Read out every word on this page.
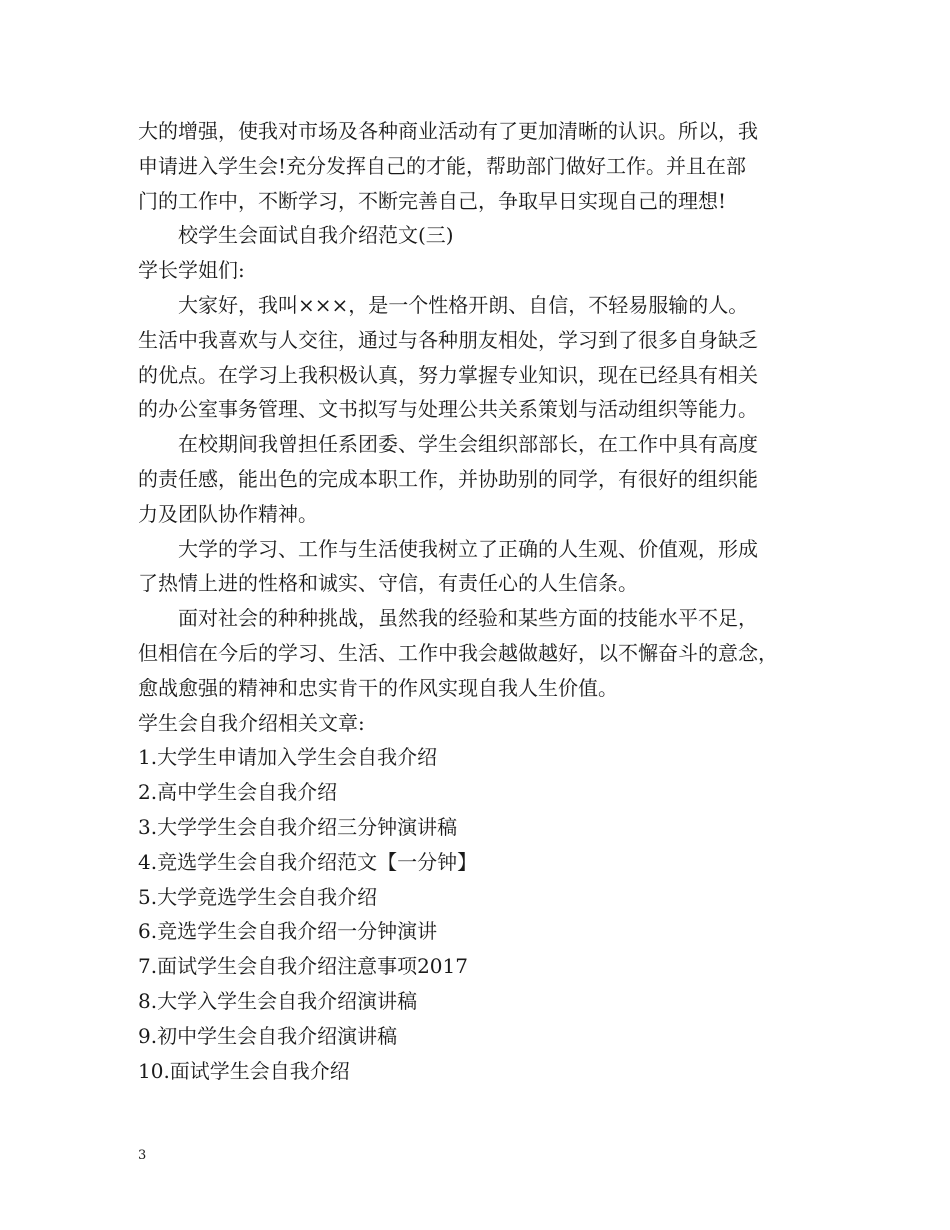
大的增强，使我对市场及各种商业活动有了更加清晰的认识。所以，我
申请进入学生会!充分发挥自己的才能，帮助部门做好工作。并且在部
门的工作中，不断学习，不断完善自己，争取早日实现自己的理想!
校学生会面试自我介绍范文(三)
学长学姐们:
大家好，我叫×××，是一个性格开朗、自信，不轻易服输的人。
生活中我喜欢与人交往，通过与各种朋友相处，学习到了很多自身缺乏
的优点。在学习上我积极认真，努力掌握专业知识，现在已经具有相关
的办公室事务管理、文书拟写与处理公共关系策划与活动组织等能力。
在校期间我曾担任系团委、学生会组织部部长，在工作中具有高度
的责任感，能出色的完成本职工作，并协助别的同学，有很好的组织能
力及团队协作精神。
大学的学习、工作与生活使我树立了正确的人生观、价值观，形成
了热情上进的性格和诚实、守信，有责任心的人生信条。
面对社会的种种挑战，虽然我的经验和某些方面的技能水平不足，
但相信在今后的学习、生活、工作中我会越做越好，以不懈奋斗的意念，
愈战愈强的精神和忠实肯干的作风实现自我人生价值。
学生会自我介绍相关文章:
1.大学生申请加入学生会自我介绍
2.高中学生会自我介绍
3.大学学生会自我介绍三分钟演讲稿
4.竞选学生会自我介绍范文【一分钟】
5.大学竞选学生会自我介绍
6.竞选学生会自我介绍一分钟演讲
7.面试学生会自我介绍注意事项2017
8.大学入学生会自我介绍演讲稿
9.初中学生会自我介绍演讲稿
10.面试学生会自我介绍
3
